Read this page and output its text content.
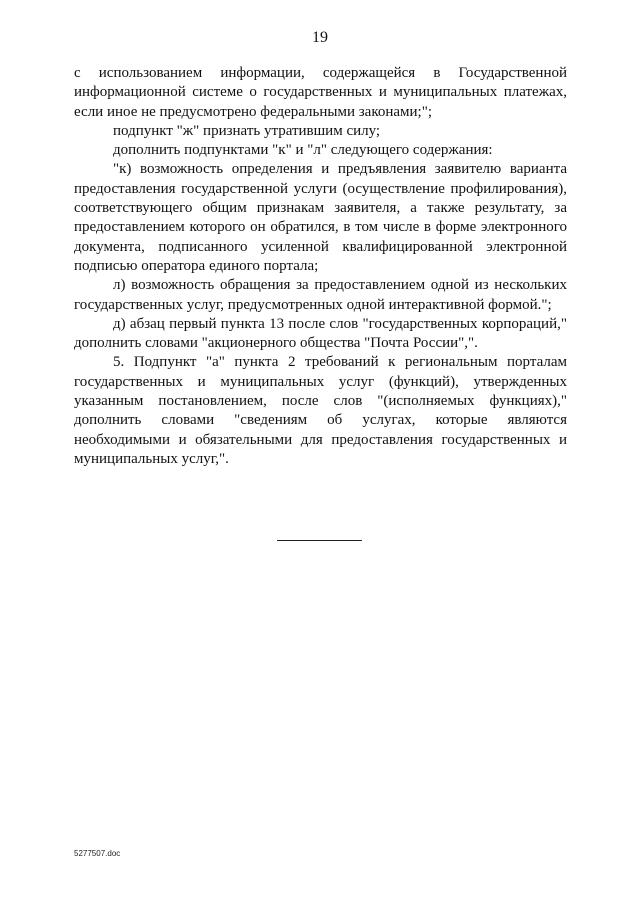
19

с использованием информации, содержащейся в Государственной информационной системе о государственных и муниципальных платежах, если иное не предусмотрено федеральными законами;";

подпункт "ж" признать утратившим силу;

дополнить подпунктами "к" и "л" следующего содержания:

"к) возможность определения и предъявления заявителю варианта предоставления государственной услуги (осуществление профилирования), соответствующего общим признакам заявителя, а также результату, за предоставлением которого он обратился, в том числе в форме электронного документа, подписанного усиленной квалифицированной электронной подписью оператора единого портала;

л) возможность обращения за предоставлением одной из нескольких государственных услуг, предусмотренных одной интерактивной формой.";

д) абзац первый пункта 13 после слов "государственных корпораций," дополнить словами "акционерного общества "Почта России",".

5. Подпункт "а" пункта 2 требований к региональным порталам государственных и муниципальных услуг (функций), утвержденных указанным постановлением, после слов "(исполняемых функциях)," дополнить словами "сведениям об услугах, которые являются необходимыми и обязательными для предоставления государственных и муниципальных услуг,".

5277507.doc
